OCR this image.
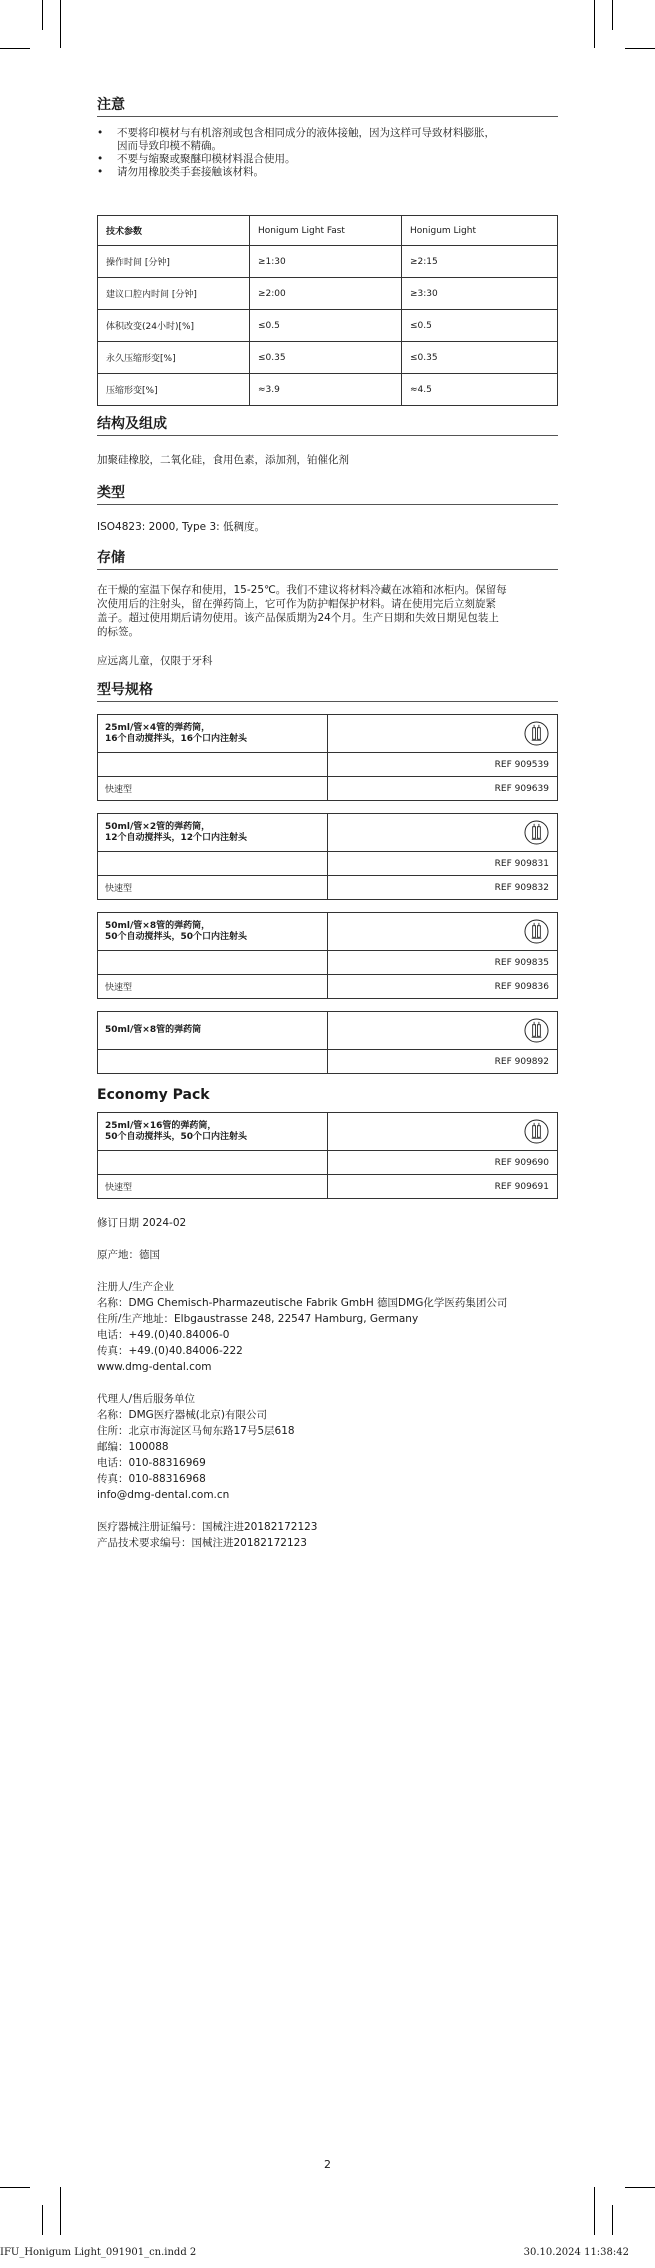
注意
• 不要将印模材与有机溶剂或包含相同成分的液体接触，因为这样可导致材料膨胀，
因而导致印模不精确。
• 不要与缩聚或聚醚印模材料混合使用。
• 请勿用橡胶类手套接触该材料。
技术参数	Honigum Light Fast	Honigum Light
操作时间 [分钟]	≥1:30	≥2:15
建议口腔内时间 [分钟]	≥2:00	≥3:30
体积改变(24小时)[%]	≤0.5	≤0.5
永久压缩形变[%]	≤0.35	≤0.35
压缩形变[%]	≈3.9	≈4.5
结构及组成

加聚硅橡胶，二氧化硅，食用色素，添加剂，铂催化剂

类型

ISO4823: 2000, Type 3: 低稠度。

存储

在干燥的室温下保存和使用，15-25℃。我们不建议将材料冷藏在冰箱和冰柜内。保留每

次使用后的注射头，留在弹药筒上，它可作为防护帽保护材料。请在使用完后立刻旋紧

盖子。超过使用期后请勿使用。该产品保质期为24个月。生产日期和失效日期见包装上

的标签。

应远离儿童，仅限于牙科

型号规格
25ml/管×4管的弹药筒，
16个自动搅拌头，16个口内注射头
REF 909539
快速型	REF 909639
50ml/管×2管的弹药筒，
12个自动搅拌头，12个口内注射头
REF 909831
快速型	REF 909832
50ml/管×8管的弹药筒，
50个自动搅拌头，50个口内注射头
REF 909835
快速型	REF 909836
50ml/管×8管的弹药筒
REF 909892
Economy Pack
25ml/管×16管的弹药筒，
50个自动搅拌头，50个口内注射头
REF 909690
快速型	REF 909691

修订日期 2024-02

原产地：德国

注册人/生产企业

名称：DMG Chemisch-Pharmazeutische Fabrik GmbH 德国DMG化学医药集团公司

住所/生产地址：Elbgaustrasse 248, 22547 Hamburg, Germany

电话：+49.(0)40.84006-0

传真：+49.(0)40.84006-222

www.dmg-dental.com

代理人/售后服务单位

名称：DMG医疗器械(北京)有限公司

住所：北京市海淀区马甸东路17号5层618

邮编：100088

电话：010-88316969

传真：010-88316968

info@dmg-dental.com.cn

医疗器械注册证编号：国械注进20182172123

产品技术要求编号：国械注进20182172123

2
IFU_Honigum Light_091901_cn.indd 2	30.10.2024 11:38:42
